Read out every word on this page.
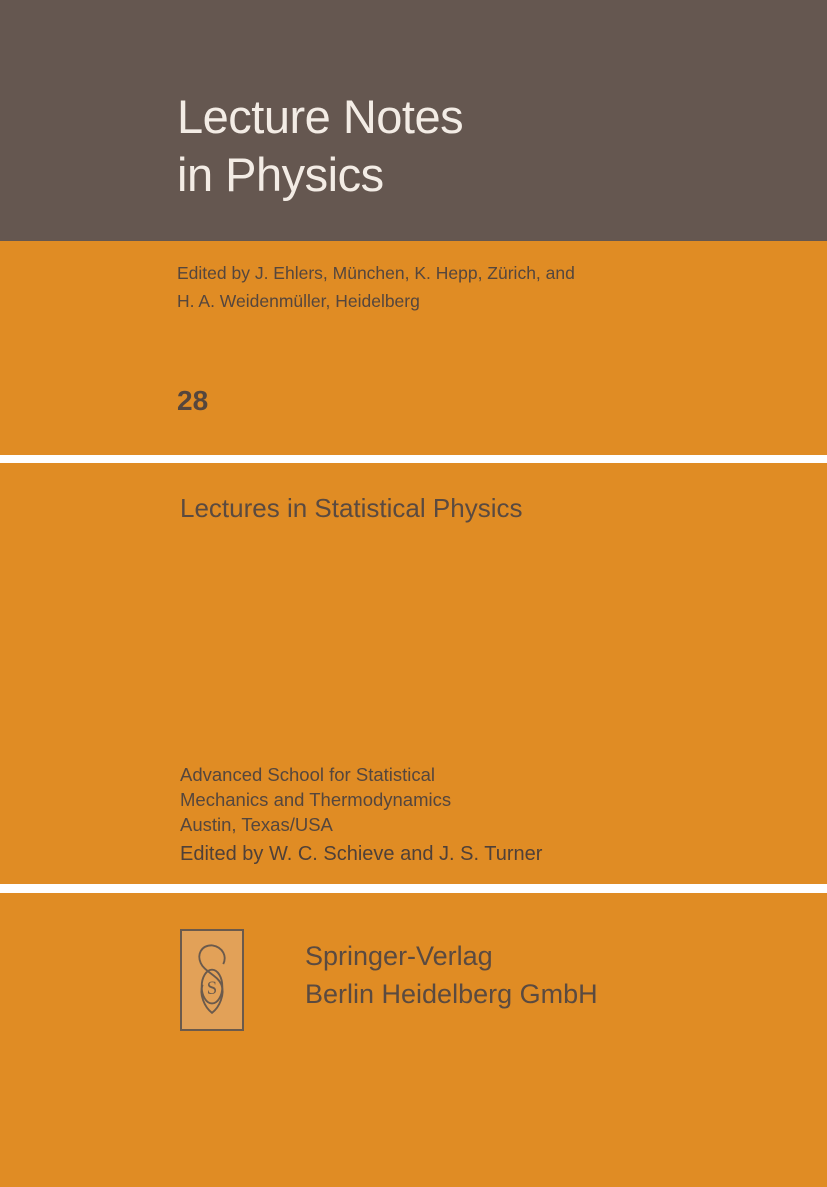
Lecture Notes
in Physics
Edited by J. Ehlers, München, K. Hepp, Zürich, and
H. A. Weidenmüller, Heidelberg
28
Lectures in Statistical Physics
Advanced School for Statistical
Mechanics and Thermodynamics
Austin, Texas/USA
Edited by W. C. Schieve and J. S. Turner
S
Springer-Verlag
Berlin Heidelberg GmbH
